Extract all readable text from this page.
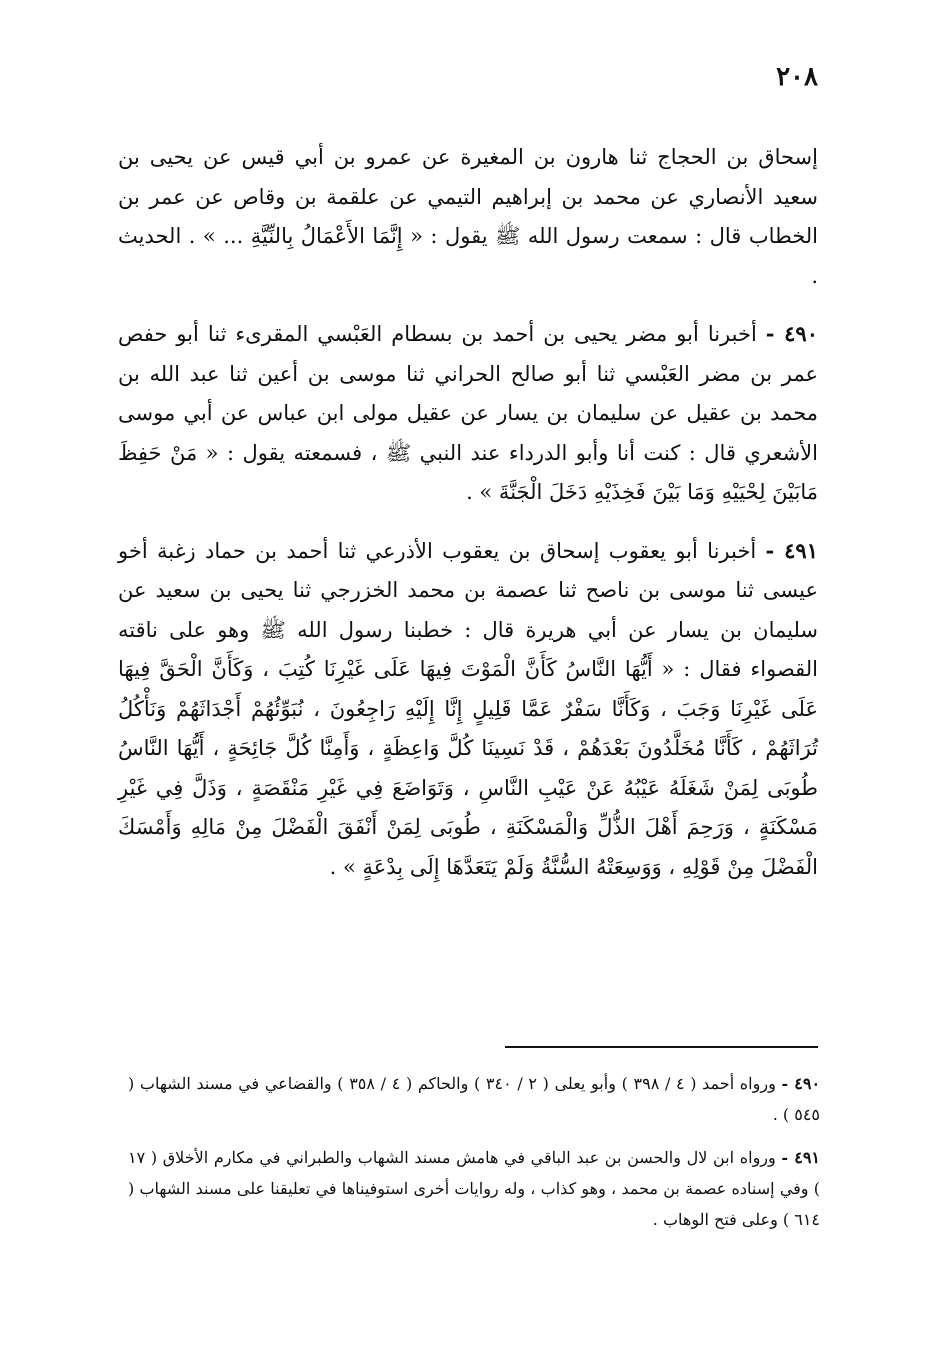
٢٠٨

إسحاق بن الحجاج ثنا هارون بن المغيرة عن عمرو بن أبي قيس عن يحيى بن سعيد الأنصاري عن محمد بن إبراهيم التيمي عن علقمة بن وقاص عن عمر بن الخطاب قال : سمعت رسول الله ﷺ يقول : « إِنَّمَا الأَعْمَالُ بِالنِّيَّةِ ... » . الحديث .

٤٩٠ - أخبرنا أبو مضر يحيى بن أحمد بن بسطام العَبْسي المقرىء ثنا أبو حفص عمر بن مضر العَبْسي ثنا أبو صالح الحراني ثنا موسى بن أعين ثنا عبد الله بن محمد بن عقيل عن سليمان بن يسار عن عقيل مولى ابن عباس عن أبي موسى الأشعري قال : كنت أنا وأبو الدرداء عند النبي ﷺ ، فسمعته يقول : « مَنْ حَفِظَ مَابَيْنَ لِحْيَيْهِ وَمَا بَيْنَ فَخِذَيْهِ دَخَلَ الْجَنَّةَ » .

٤٩١ - أخبرنا أبو يعقوب إسحاق بن يعقوب الأذرعي ثنا أحمد بن حماد زغبة أخو عيسى ثنا موسى بن ناصح ثنا عصمة بن محمد الخزرجي ثنا يحيى بن سعيد عن سليمان بن يسار عن أبي هريرة قال : خطبنا رسول الله ﷺ وهو على ناقته القصواء فقال : « أَيُّهَا النَّاسُ كَأَنَّ الْمَوْتَ فِيهَا عَلَى غَيْرِنَا كُتِبَ ، وَكَأَنَّ الْحَقَّ فِيهَا عَلَى غَيْرِنَا وَجَبَ ، وَكَأَنَّا سَفْرٌ عَمَّا قَلِيلٍ إِنَّا إِلَيْهِ رَاجِعُونَ ، نُبَوِّئُهُمْ أَجْدَاثَهُمْ وَنَأْكُلُ تُرَاثَهُمْ ، كَأَنَّا مُخَلَّدُونَ بَعْدَهُمْ ، قَدْ نَسِينَا كُلَّ وَاعِظَةٍ ، وَأَمِنَّا كُلَّ جَائِحَةٍ ، أَيُّهَا النَّاسُ طُوبَى لِمَنْ شَغَلَهُ عَيْبُهُ عَنْ عَيْبِ النَّاسِ ، وَتَوَاضَعَ فِي غَيْرِ مَنْقَصَةٍ ، وَذَلَّ فِي غَيْرِ مَسْكَنَةٍ ، وَرَحِمَ أَهْلَ الذُّلِّ وَالْمَسْكَنَةِ ، طُوبَى لِمَنْ أَنْفَقَ الْفَضْلَ مِنْ مَالِهِ وَأَمْسَكَ الْفَضْلَ مِنْ قَوْلِهِ ، وَوَسِعَتْهُ السُّنَّةُ وَلَمْ يَتَعَدَّهَا إِلَى بِدْعَةٍ » .

٤٩٠ - ورواه أحمد ( ٤ / ٣٩٨ ) وأبو يعلى ( ٢ / ٣٤٠ ) والحاكم ( ٤ / ٣٥٨ ) والقضاعي في مسند الشهاب ( ٥٤٥ ) .

٤٩١ - ورواه ابن لال والحسن بن عبد الباقي في هامش مسند الشهاب والطبراني في مكارم الأخلاق ( ١٧ ) وفي إسناده عصمة بن محمد ، وهو كذاب ، وله روايات أخرى استوفيناها في تعليقنا على مسند الشهاب ( ٦١٤ ) وعلى فتح الوهاب .
